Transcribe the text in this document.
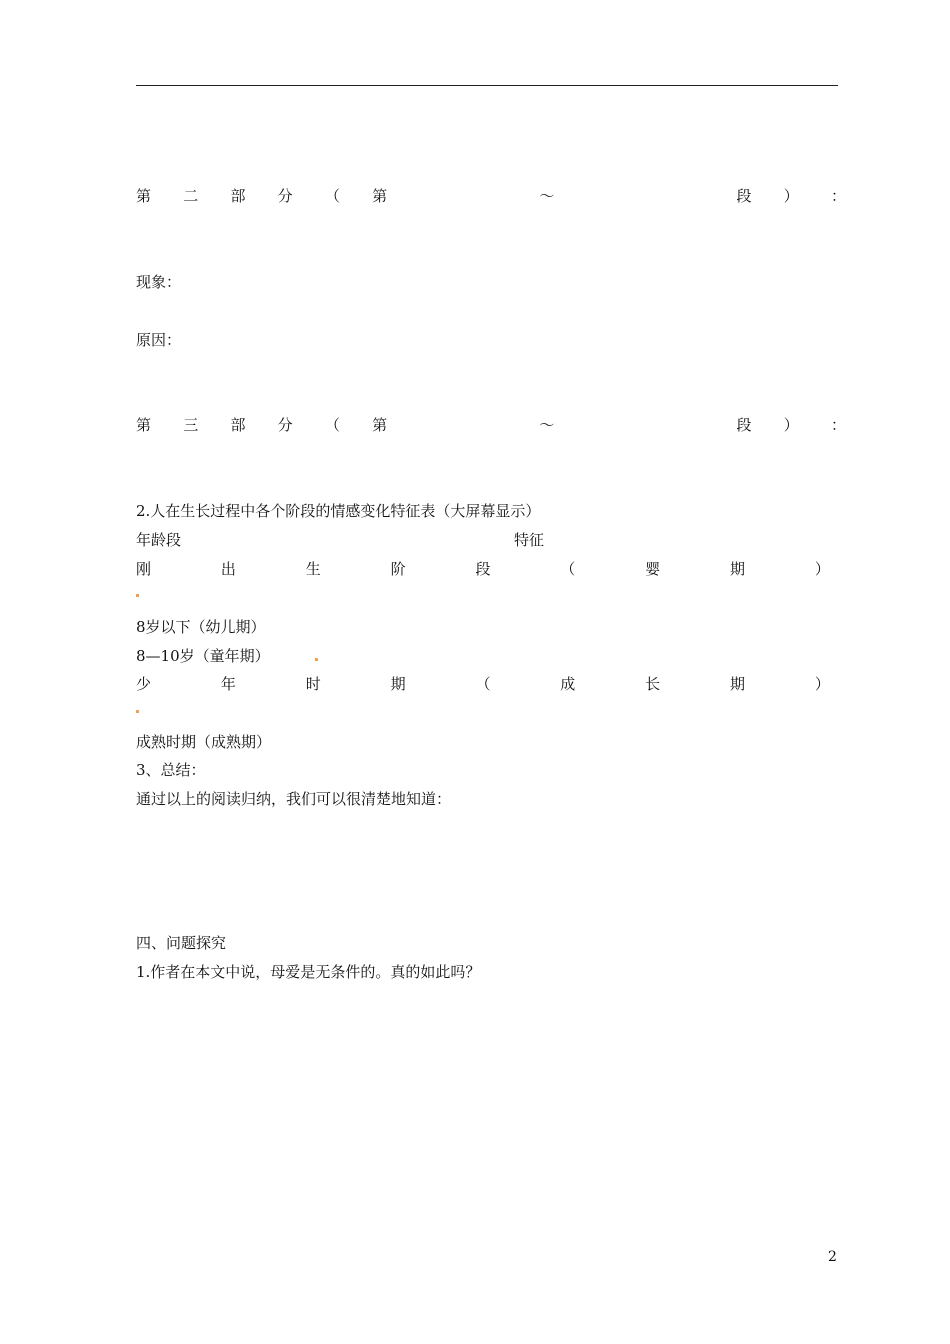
第 二 部 分 （ 第	～	段 ） ：
现象：
原因：
第 三 部 分 （ 第	～	段 ） ：
2.人在生长过程中各个阶段的情感变化特征表（大屏幕显示）
年龄段	特征
刚	出	生	阶	段	（	婴	期	）
8岁以下（幼儿期）
8—10岁（童年期）
少	年	时	期	（	成	长	期	）
成熟时期（成熟期）
3、总结：
通过以上的阅读归纳，我们可以很清楚地知道：
四、问题探究
1.作者在本文中说，母爱是无条件的。真的如此吗？
2
